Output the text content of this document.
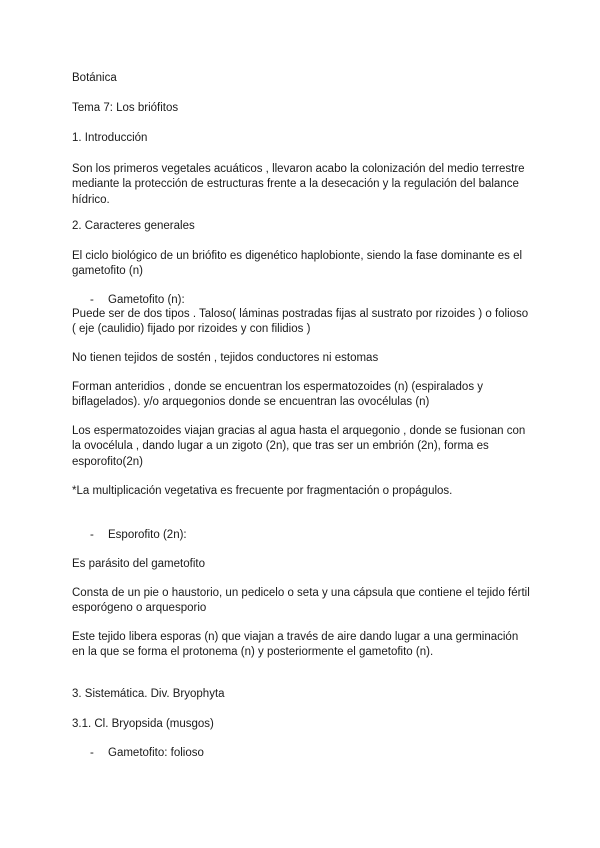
Botánica
Tema 7: Los briófitos
1. Introducción
Son los primeros vegetales acuáticos , llevaron acabo la colonización del medio terrestre mediante la protección de estructuras frente a la desecación y la regulación del balance hídrico.
2. Caracteres generales
El ciclo biológico de un briófito es digenético haplobionte, siendo la fase dominante es el gametofito (n)
- Gametofito (n):
Puede ser de dos tipos . Taloso( láminas postradas fijas al sustrato por rizoides ) o folioso ( eje (caulidio) fijado por rizoides y con filidios )
No tienen tejidos de sostén , tejidos conductores ni estomas
Forman anteridios , donde se encuentran los espermatozoides (n) (espiralados y biflagelados). y/o arquegonios donde se encuentran las ovocélulas (n)
Los espermatozoides viajan gracias al agua hasta el arquegonio , donde se fusionan con la ovocélula , dando lugar a un zigoto (2n), que tras ser un embrión (2n), forma es esporofito(2n)
*La multiplicación vegetativa es frecuente por fragmentación o propágulos.
- Esporofito (2n):
Es parásito del gametofito
Consta de un pie o haustorio, un pedicelo o seta y una cápsula que contiene el tejido fértil esporógeno o arquesporio
Este tejido libera esporas (n) que viajan a través de aire dando lugar a una germinación en la que se forma el protonema (n) y posteriormente el gametofito (n).
3. Sistemática. Div. Bryophyta
3.1. Cl. Bryopsida (musgos)
- Gametofito: folioso
